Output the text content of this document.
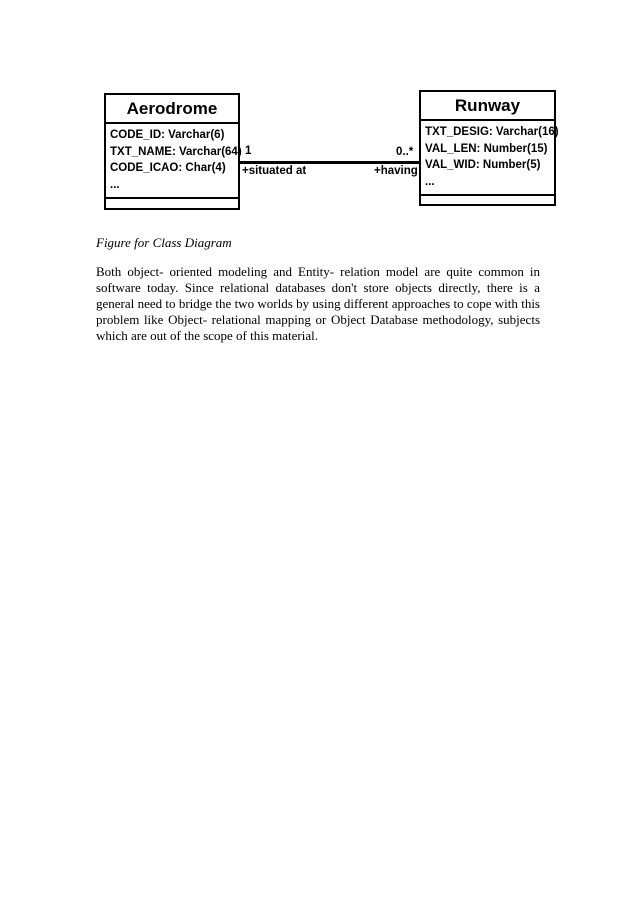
Aerodrome
CODE_ID: Varchar(6)
TXT_NAME: Varchar(64)
CODE_ICAO: Char(4)
...
1
+situated at
0..*
+having
Runway
TXT_DESIG: Varchar(16)
VAL_LEN: Number(15)
VAL_WID: Number(5)
...
Figure for Class Diagram
Both object- oriented modeling and Entity- relation model are quite common in software today. Since relational databases don't store objects directly, there is a general need to bridge the two worlds by using different approaches to cope with this problem like Object- relational mapping or Object Database methodology, subjects which are out of the scope of this material.
